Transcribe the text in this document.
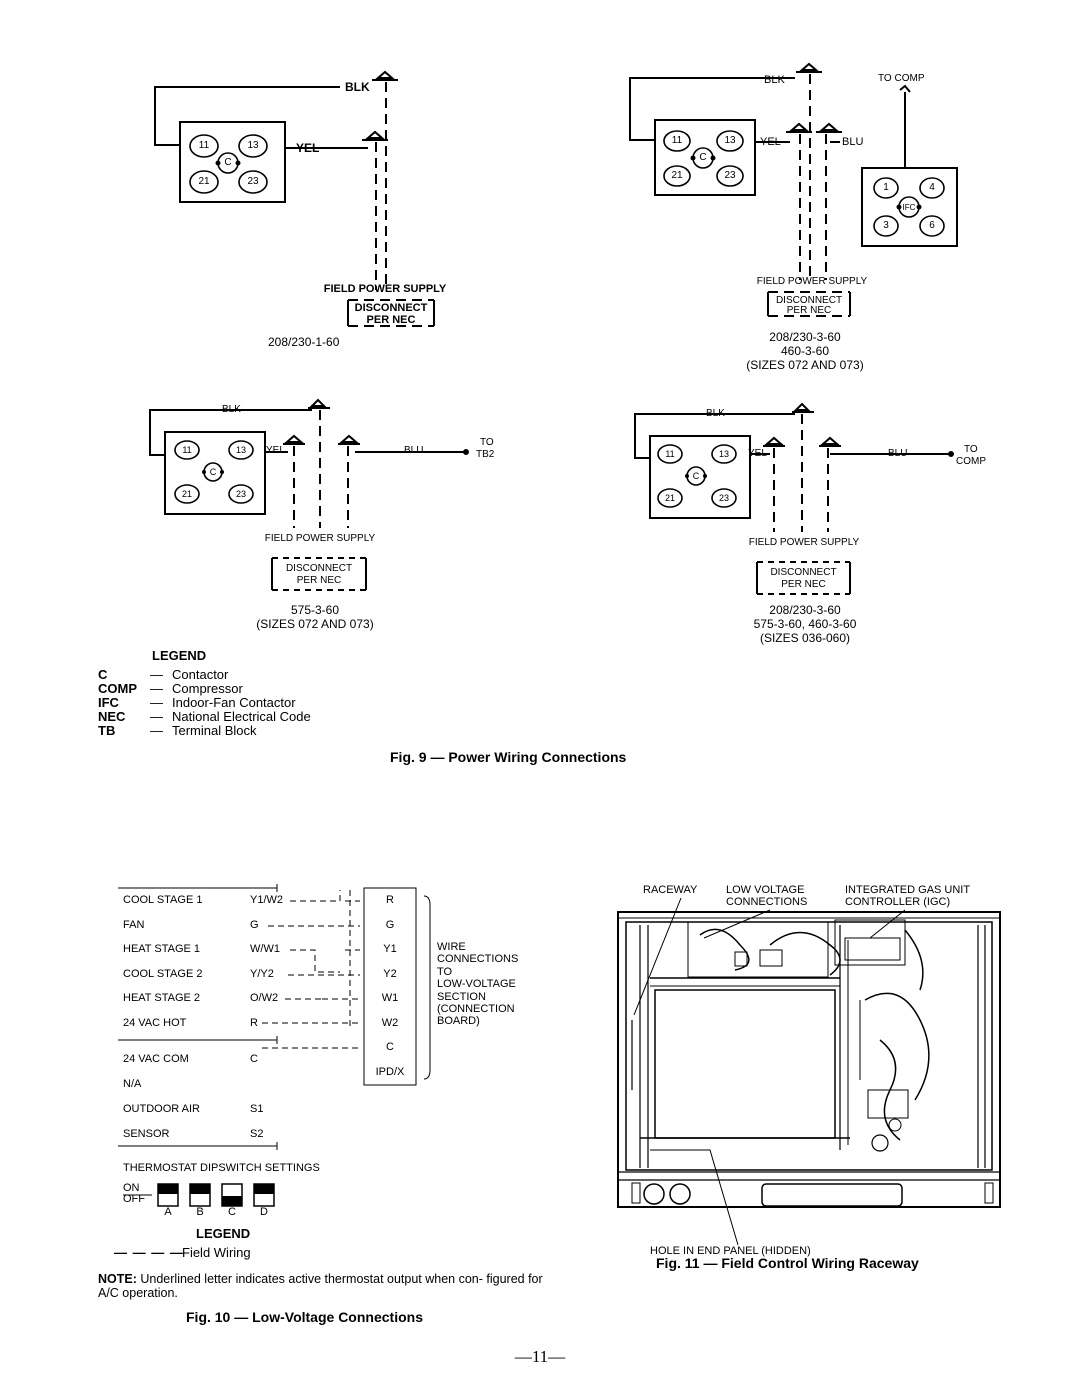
BLK
YEL
11	13
C
21	23
FIELD POWER SUPPLY
DISCONNECT
PER NEC
208/230-1-60
BLK
YEL	BLU
TO COMP
11	13
C
21	23
1	4
IFC
3	6
FIELD POWER SUPPLY
DISCONNECT
PER NEC
208/230-3-60
460-3-60
(SIZES 072 AND 073)
BLK
YEL	BLU
TO
TB2
11	13
C
21	23
FIELD POWER SUPPLY
DISCONNECT
PER NEC
575-3-60
(SIZES 072 AND 073)
BLK
YEL	BLU	TO
COMP
11	13
C
21	23
FIELD POWER SUPPLY
DISCONNECT
PER NEC
208/230-3-60
575-3-60, 460-3-60
(SIZES 036-060)
LEGEND
C	— Contactor
COMP	— Compressor
IFC	— Indoor-Fan Contactor
NEC	— National Electrical Code
TB	— Terminal Block
Fig. 9 — Power Wiring Connections
COOL STAGE 1	Y1/W2
FAN	G
HEAT STAGE 1	W/W1
COOL STAGE 2	Y/Y2
HEAT STAGE 2	O/W2
24 VAC HOT	R
24 VAC COM	C
N/A
OUTDOOR AIR	S1
SENSOR	S2
R
G
Y1
Y2
W1
W2
C
IPD/X
WIRE
CONNECTIONS
TO
LOW-VOLTAGE
SECTION
(CONNECTION
BOARD)
THERMOSTAT DIPSWITCH SETTINGS
ON
OFF
A	B	C	D
LEGEND
— — — —
Field Wiring
NOTE: Underlined letter indicates active thermostat output when con- figured for A/C operation.
Fig. 10 — Low-Voltage Connections
RACEWAY	LOW VOLTAGE
CONNECTIONS
INTEGRATED GAS UNIT
CONTROLLER (IGC)
HOLE IN END PANEL (HIDDEN)
Fig. 11 — Field Control Wiring Raceway
—11—
